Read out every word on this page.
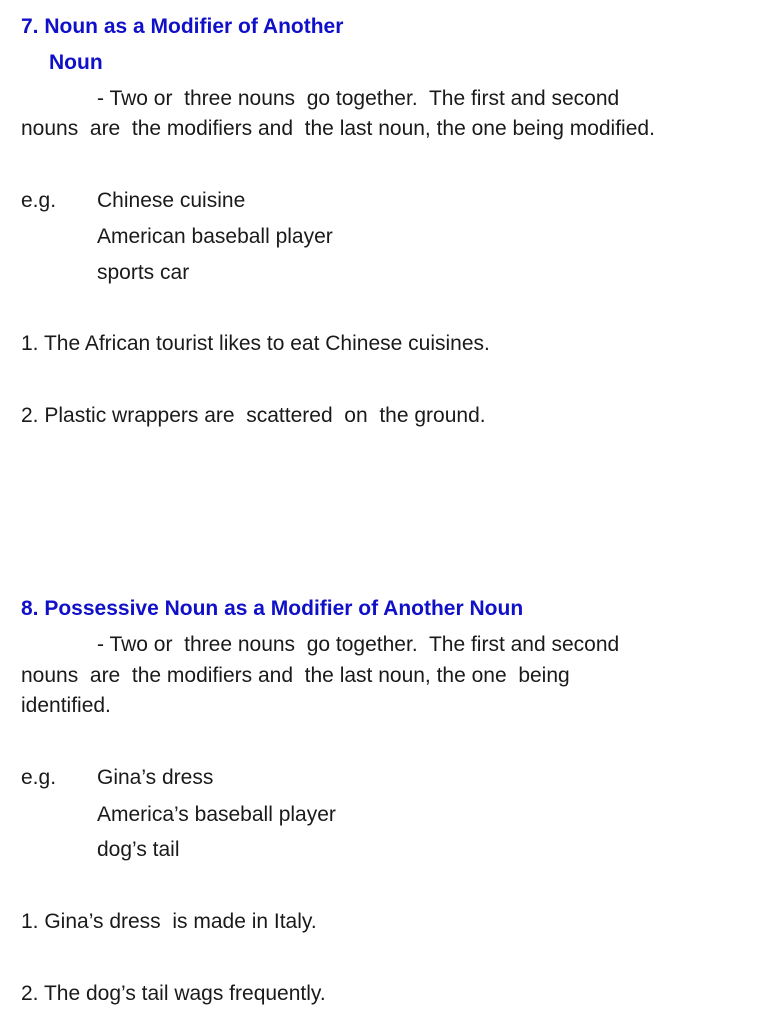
7. Noun as a Modifier of Another
Noun
- Two or  three nouns  go together.  The first and second
nouns  are  the modifiers and  the last noun, the one being modified.
e.g. Chinese cuisine
American baseball player
sports car
1. The African tourist likes to eat Chinese cuisines.
2. Plastic wrappers are  scattered  on  the ground.
8. Possessive Noun as a Modifier of Another Noun
- Two or  three nouns  go together.  The first and second
nouns  are  the modifiers and  the last noun, the one  being
identified.
e.g. Gina’s dress
America’s baseball player
dog’s tail
1. Gina’s dress  is made in Italy.
2. The dog’s tail wags frequently.
